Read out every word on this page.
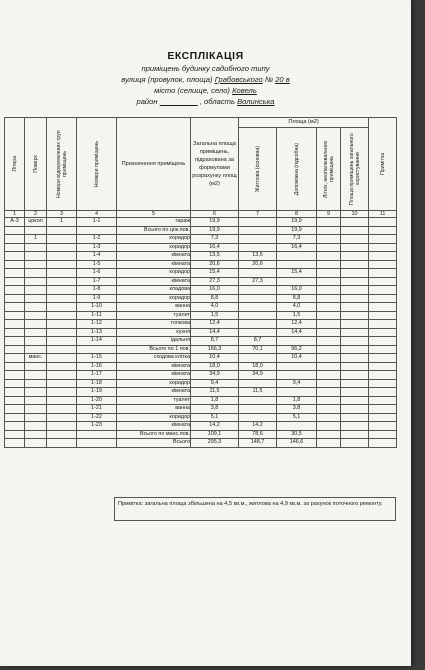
ЕКСПЛІКАЦІЯ
приміщень будинку садибного типу
вулиця (провулок, площа) Грабовського № 20 в
місто (селище, село) Ковель
район	, область Волинська
Літера	Поверх	Номери відокремлених груп приміщень	Номери приміщень	Призначення приміщень	Загальна площа приміщень, підрахована за формулами розрахунку площ (м2)	Площа (м2)				Примітка

						Житлова (основна)	Допоміжна (підсобна)	Літніх, неопалювальних приміщень	Площа приміщень загального користування	

1	2	3	4	5	6	7	8	9	10	11
А-3	цокол	1	1-1	гараж	19,9		19,9			
				Всього по цок.пов.	19,9		19,9			
	1		1-2	коридор	7,3		7,3			
			1-3	коридор	16,4		16,4			
			1-4	кімната	13,5	13,5				
			1-5	кімната	20,6	20,6				
			1-6	коридор	15,4		15,4			
			1-7	кімната	27,3	27,3				
			1-8	кладова	16,0		16,0			
			1-9	коридор	8,8		8,8			
			1-10	ванна	4,0		4,0			
			1-11	туалет	1,5		1,5			
			1-12	топкова	12,4		12,4			
			1-13	кухня	14,4		14,4			
			1-14	їдальня	8,7	8,7				
				Всього по 1 пов.	166,3	70,1	96,2			
	манс.		1-15	сходова клітка	10,4		10,4			
			1-16	кімната	18,0	18,0				
			1-17	кімната	34,9	34,9				
			1-18	коридор	9,4		9,4			
			1-19	кімната	11,5	11,5				
			1-20	туалет	1,8		1,8			
			1-21	ванна	3,8		3,8			
			1-22	коридор	5,1		5,1			
			1-23	кімната	14,2	14,2				
				Всього по манс.пов.	109,1	78,6	30,5			
				Всього	295,3	148,7	146,6			
Примітка: загальна площа збільшена на 4,5 кв.м., житлова на 4,9 кв.м. за рахунок поточного ремонту.
